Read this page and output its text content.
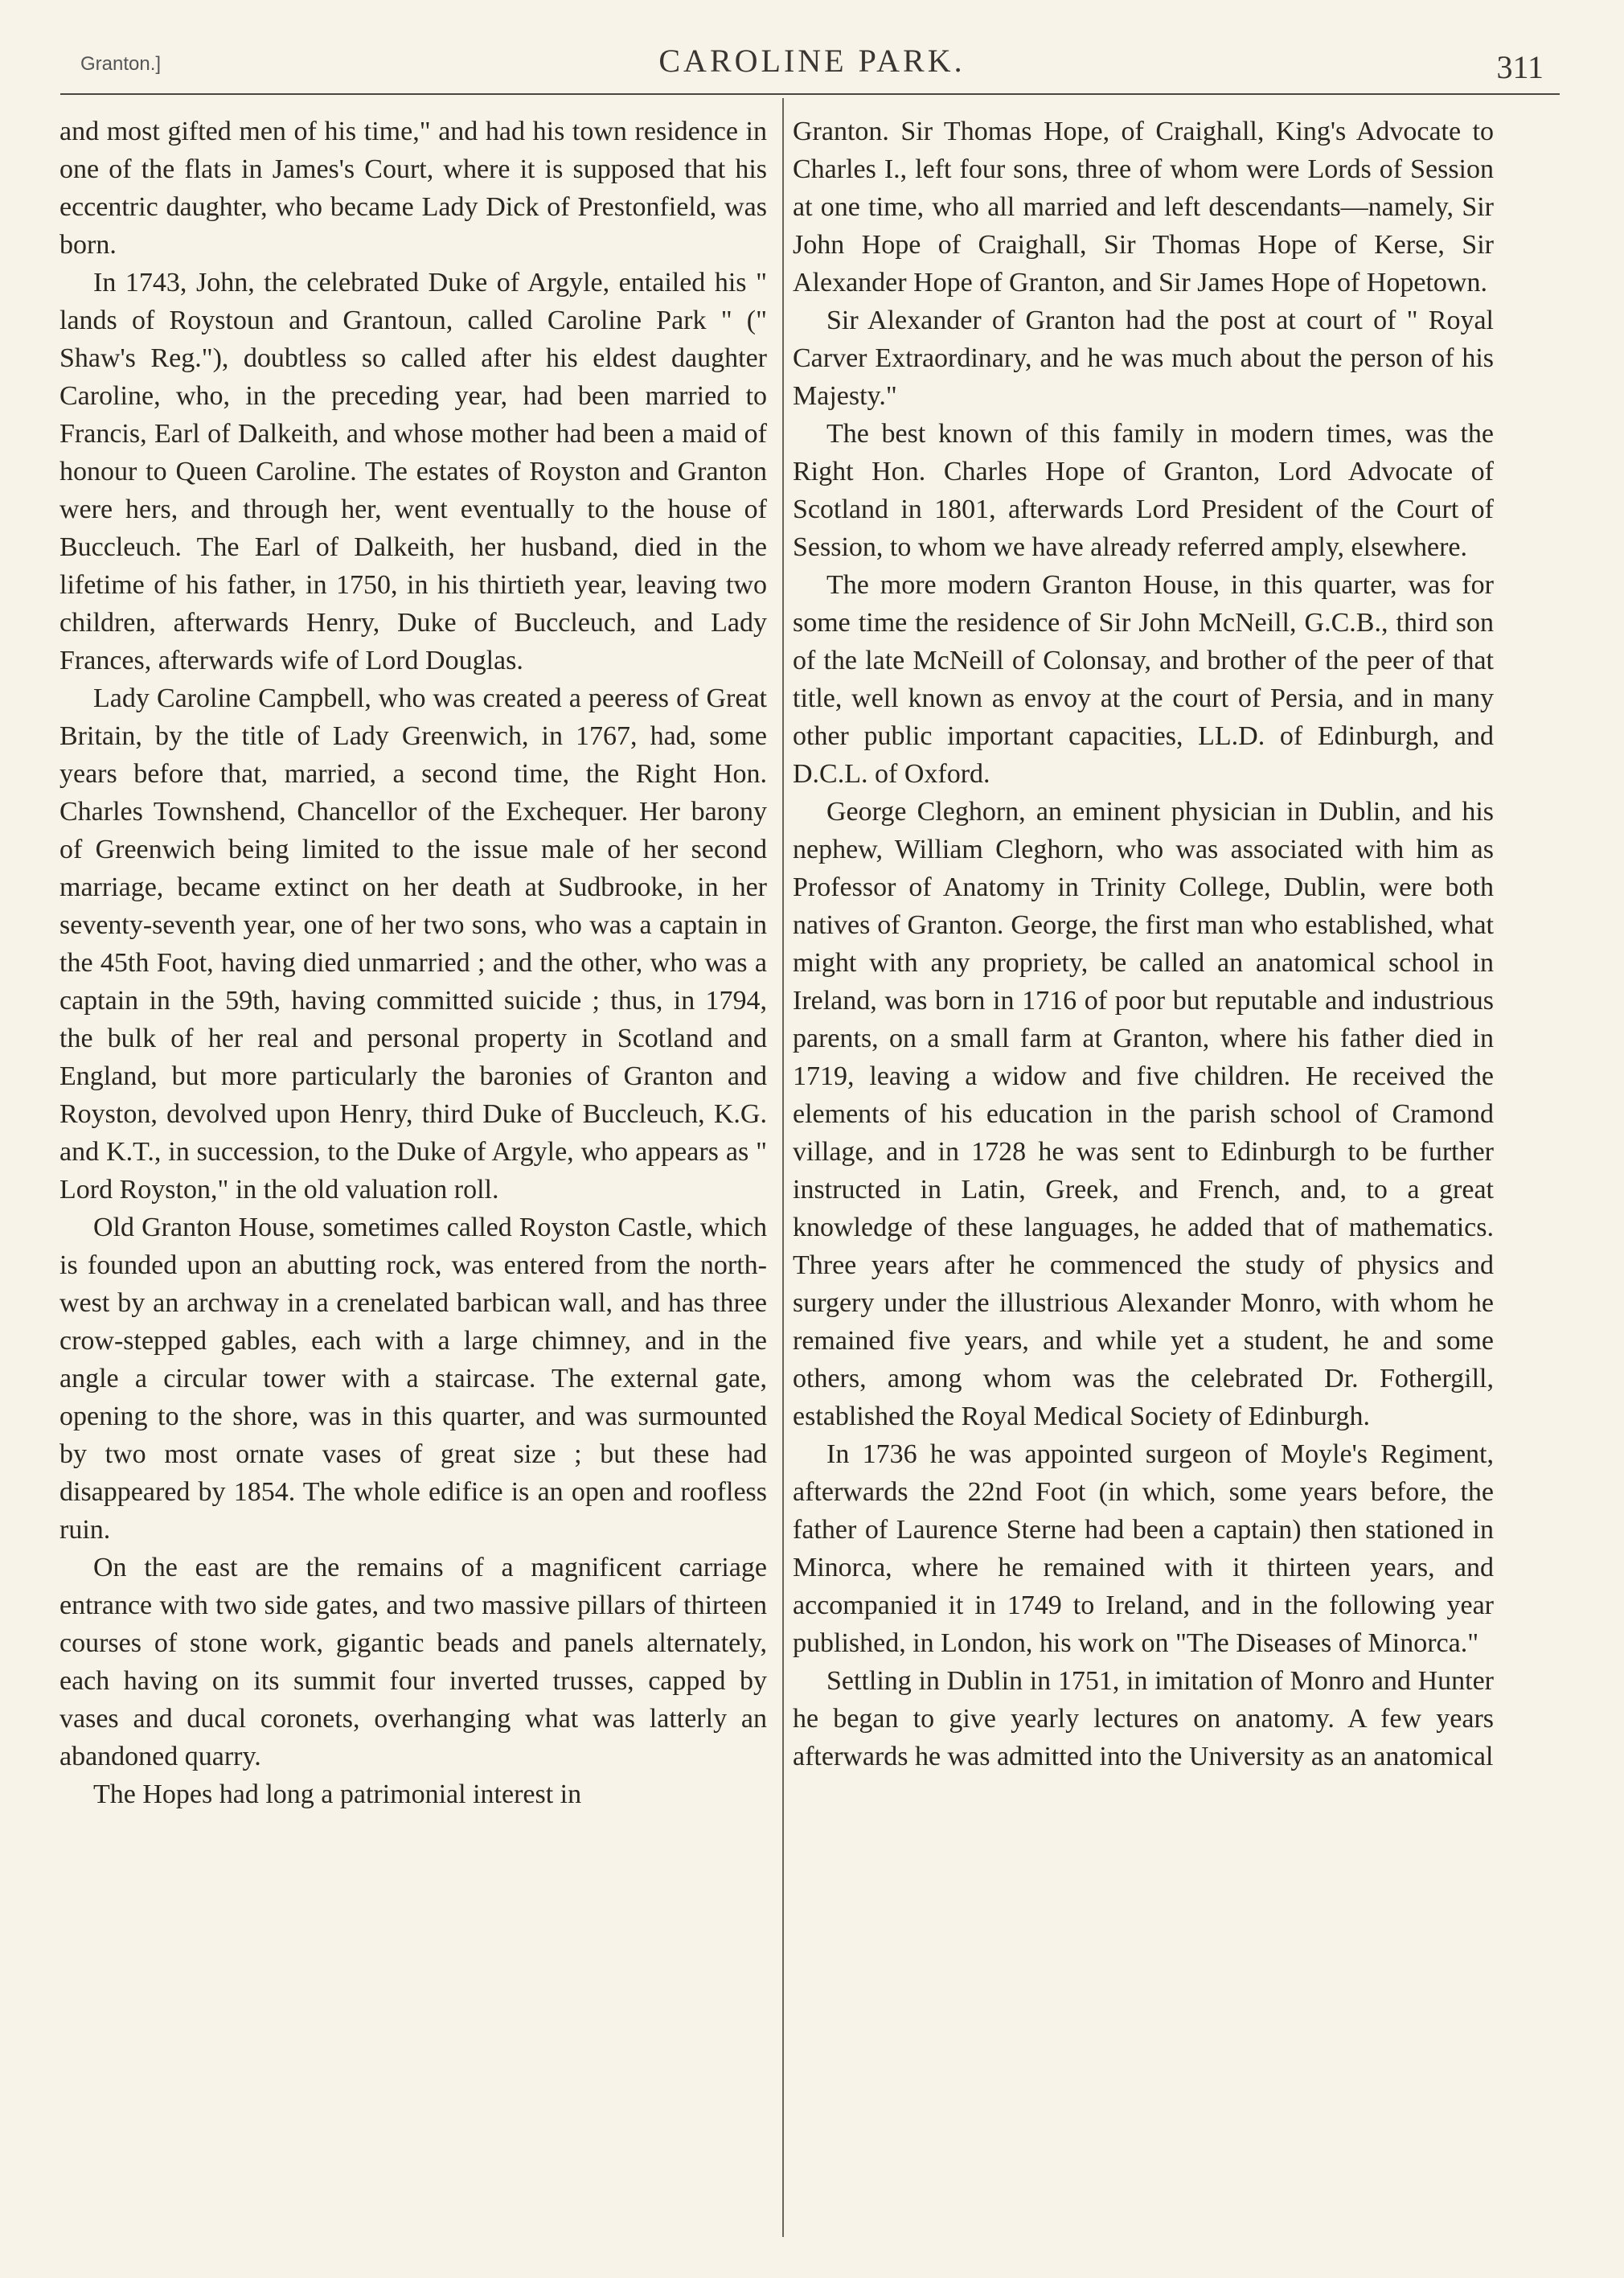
Granton.]	CAROLINE PARK.	311

and most gifted men of his time," and had his town residence in one of the flats in James's Court, where it is supposed that his eccentric daughter, who became Lady Dick of Prestonfield, was born.

In 1743, John, the celebrated Duke of Argyle, entailed his " lands of Roystoun and Grantoun, called Caroline Park " (" Shaw's Reg."), doubtless so called after his eldest daughter Caroline, who, in the preceding year, had been married to Francis, Earl of Dalkeith, and whose mother had been a maid of honour to Queen Caroline. The estates of Royston and Granton were hers, and through her, went eventually to the house of Buccleuch. The Earl of Dalkeith, her husband, died in the lifetime of his father, in 1750, in his thirtieth year, leaving two children, afterwards Henry, Duke of Buccleuch, and Lady Frances, afterwards wife of Lord Douglas.

Lady Caroline Campbell, who was created a peeress of Great Britain, by the title of Lady Greenwich, in 1767, had, some years before that, married, a second time, the Right Hon. Charles Townshend, Chancellor of the Exchequer. Her barony of Greenwich being limited to the issue male of her second marriage, became extinct on her death at Sudbrooke, in her seventy-seventh year, one of her two sons, who was a captain in the 45th Foot, having died unmarried ; and the other, who was a captain in the 59th, having committed suicide ; thus, in 1794, the bulk of her real and personal property in Scotland and England, but more particularly the baronies of Granton and Royston, devolved upon Henry, third Duke of Buccleuch, K.G. and K.T., in succession, to the Duke of Argyle, who appears as " Lord Royston," in the old valuation roll.

Old Granton House, sometimes called Royston Castle, which is founded upon an abutting rock, was entered from the north-west by an archway in a crenelated barbican wall, and has three crow-stepped gables, each with a large chimney, and in the angle a circular tower with a staircase. The external gate, opening to the shore, was in this quarter, and was surmounted by two most ornate vases of great size ; but these had disappeared by 1854. The whole edifice is an open and roofless ruin.

On the east are the remains of a magnificent carriage entrance with two side gates, and two massive pillars of thirteen courses of stone work, gigantic beads and panels alternately, each having on its summit four inverted trusses, capped by vases and ducal coronets, overhanging what was latterly an abandoned quarry.

The Hopes had long a patrimonial interest in

Granton. Sir Thomas Hope, of Craighall, King's Advocate to Charles I., left four sons, three of whom were Lords of Session at one time, who all married and left descendants—namely, Sir John Hope of Craighall, Sir Thomas Hope of Kerse, Sir Alexander Hope of Granton, and Sir James Hope of Hopetown.

Sir Alexander of Granton had the post at court of " Royal Carver Extraordinary, and he was much about the person of his Majesty."

The best known of this family in modern times, was the Right Hon. Charles Hope of Granton, Lord Advocate of Scotland in 1801, afterwards Lord President of the Court of Session, to whom we have already referred amply, elsewhere.

The more modern Granton House, in this quarter, was for some time the residence of Sir John McNeill, G.C.B., third son of the late McNeill of Colonsay, and brother of the peer of that title, well known as envoy at the court of Persia, and in many other public important capacities, LL.D. of Edinburgh, and D.C.L. of Oxford.

George Cleghorn, an eminent physician in Dublin, and his nephew, William Cleghorn, who was associated with him as Professor of Anatomy in Trinity College, Dublin, were both natives of Granton. George, the first man who established, what might with any propriety, be called an anatomical school in Ireland, was born in 1716 of poor but reputable and industrious parents, on a small farm at Granton, where his father died in 1719, leaving a widow and five children. He received the elements of his education in the parish school of Cramond village, and in 1728 he was sent to Edinburgh to be further instructed in Latin, Greek, and French, and, to a great knowledge of these languages, he added that of mathematics. Three years after he commenced the study of physics and surgery under the illustrious Alexander Monro, with whom he remained five years, and while yet a student, he and some others, among whom was the celebrated Dr. Fothergill, established the Royal Medical Society of Edinburgh.

In 1736 he was appointed surgeon of Moyle's Regiment, afterwards the 22nd Foot (in which, some years before, the father of Laurence Sterne had been a captain) then stationed in Minorca, where he remained with it thirteen years, and accompanied it in 1749 to Ireland, and in the following year published, in London, his work on "The Diseases of Minorca."

Settling in Dublin in 1751, in imitation of Monro and Hunter he began to give yearly lectures on anatomy. A few years afterwards he was admitted into the University as an anatomical
